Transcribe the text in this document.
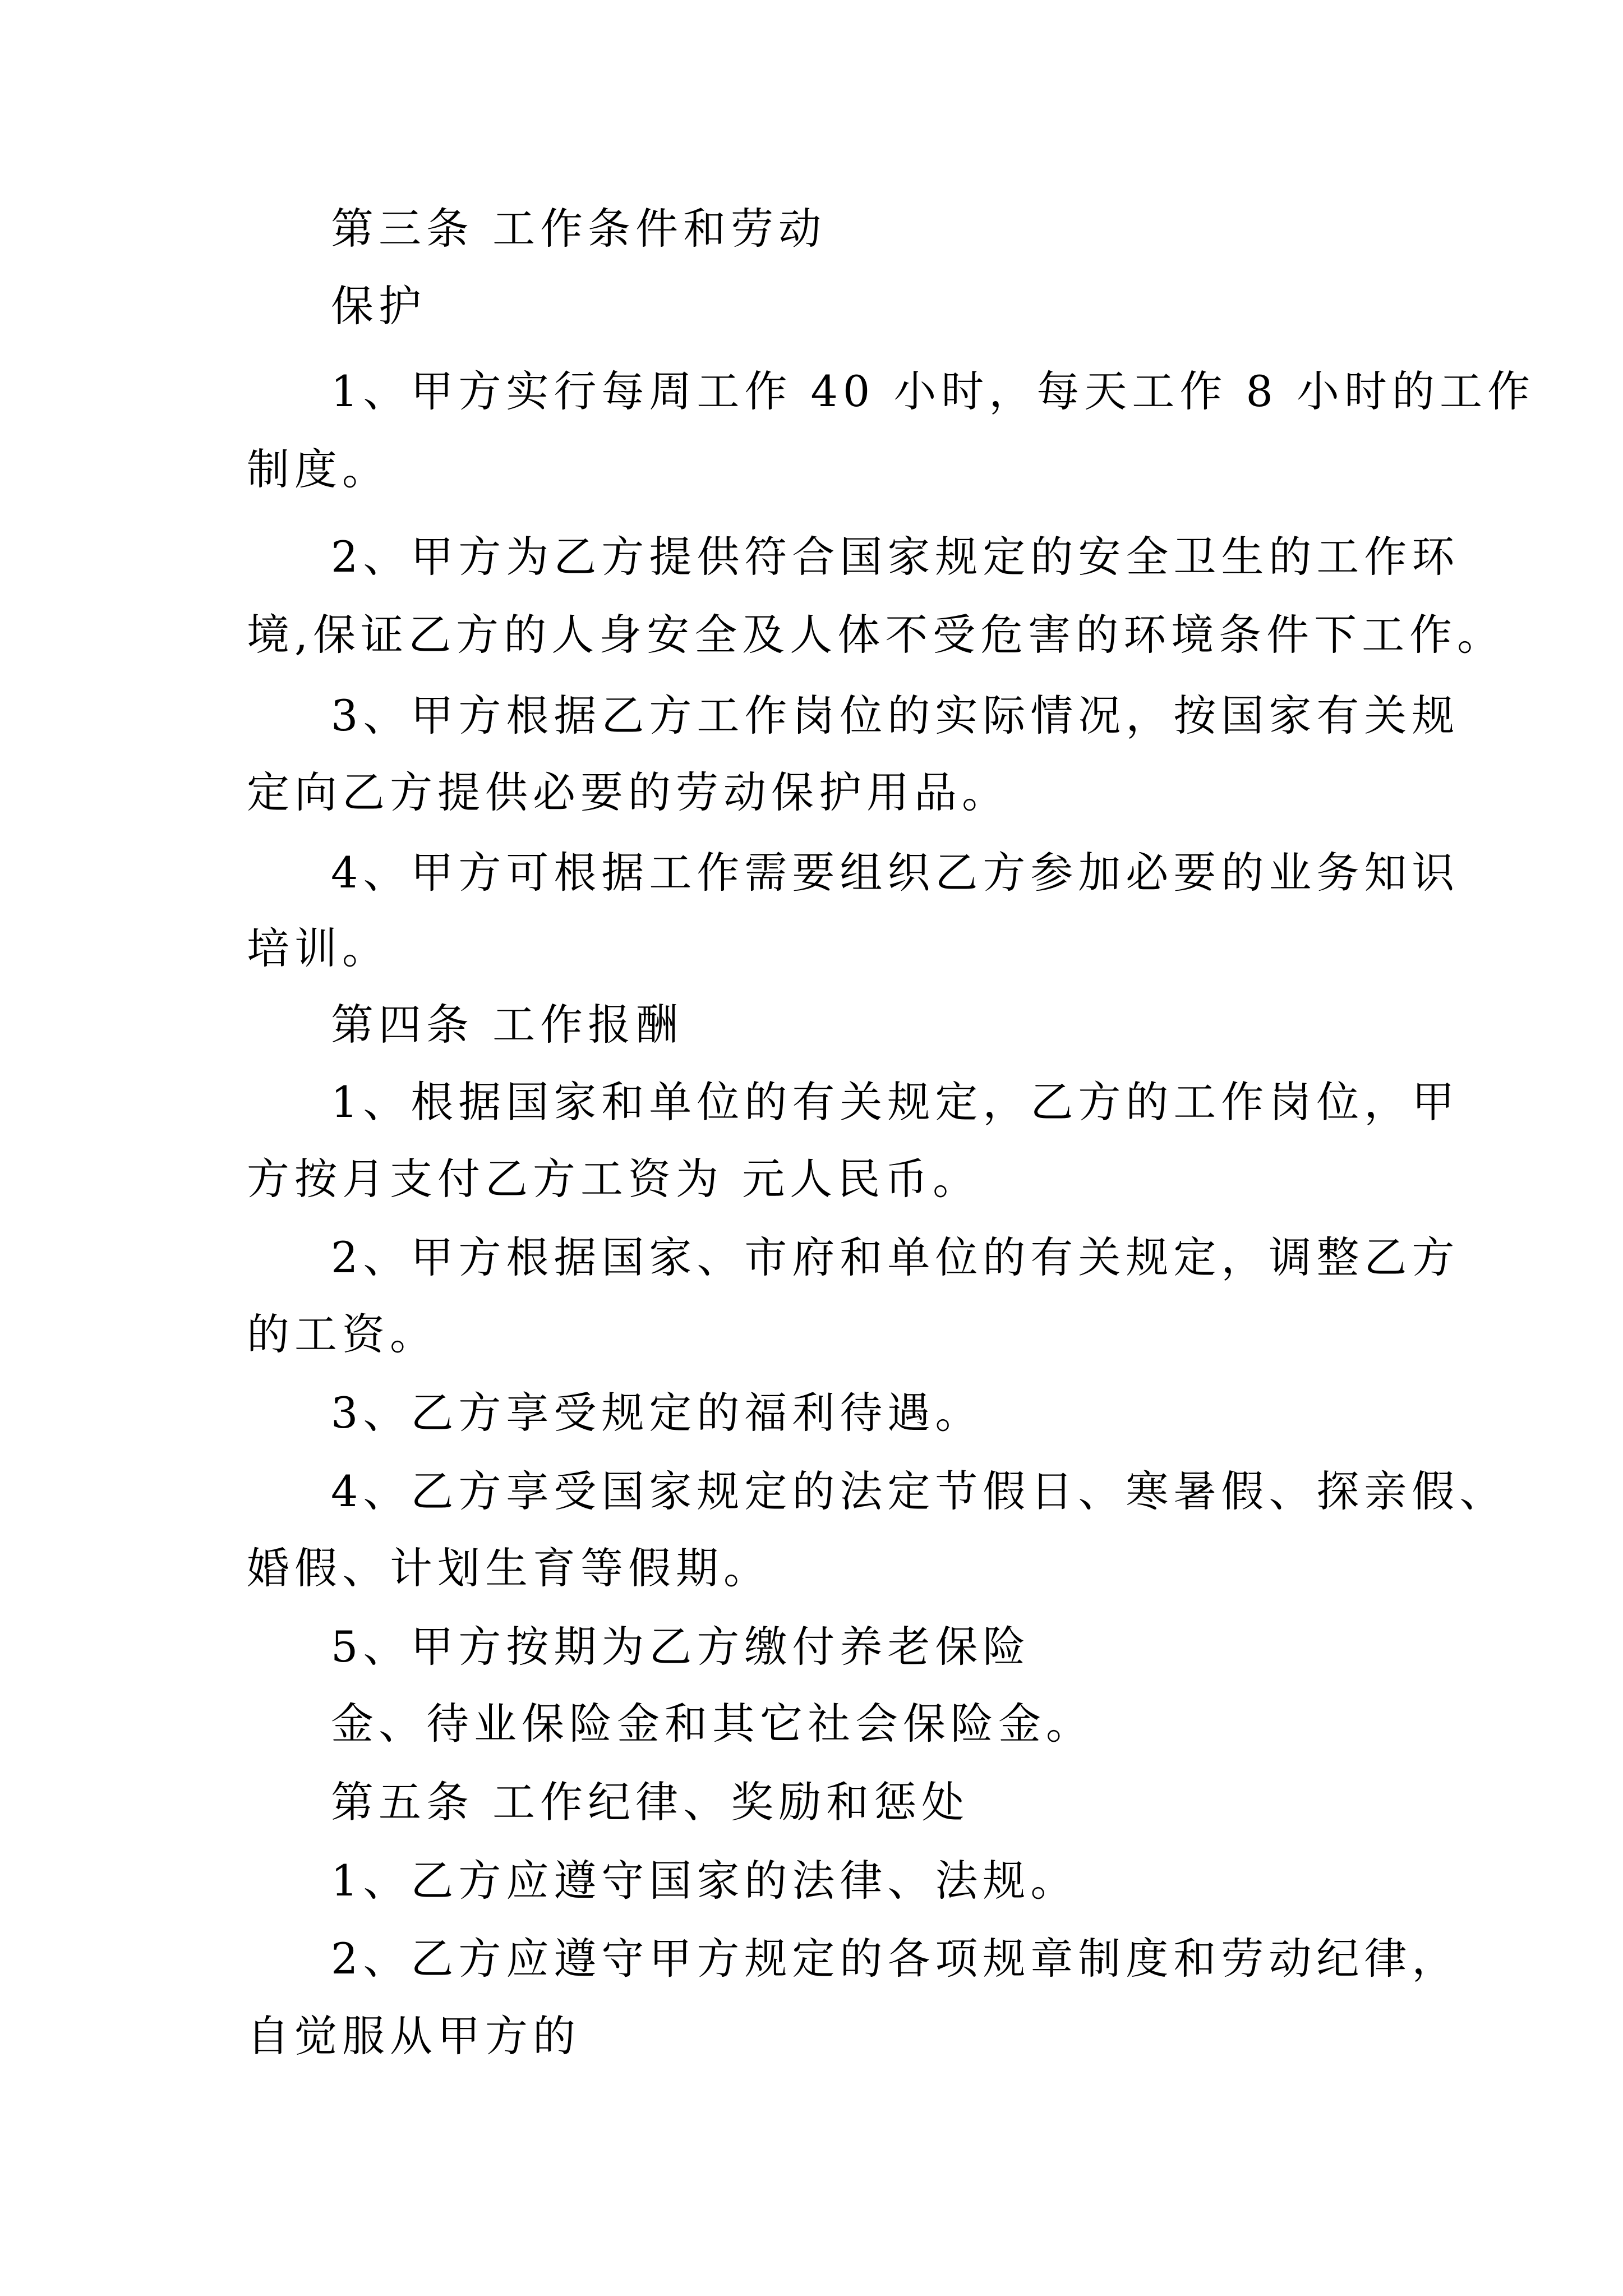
第三条 工作条件和劳动
保护
1、甲方实行每周工作 40 小时，每天工作 8 小时的工作
制度。
2、甲方为乙方提供符合国家规定的安全卫生的工作环
境,保证乙方的人身安全及人体不受危害的环境条件下工作。
3、甲方根据乙方工作岗位的实际情况，按国家有关规
定向乙方提供必要的劳动保护用品。
4、甲方可根据工作需要组织乙方参加必要的业务知识
培训。
第四条 工作报酬
1、根据国家和单位的有关规定，乙方的工作岗位，甲
方按月支付乙方工资为 元人民币。
2、甲方根据国家、市府和单位的有关规定，调整乙方
的工资。
3、乙方享受规定的福利待遇。
4、乙方享受国家规定的法定节假日、寒暑假、探亲假、
婚假、计划生育等假期。
5、甲方按期为乙方缴付养老保险
金、待业保险金和其它社会保险金。
第五条 工作纪律、奖励和惩处
1、乙方应遵守国家的法律、法规。
2、乙方应遵守甲方规定的各项规章制度和劳动纪律，
自觉服从甲方的
